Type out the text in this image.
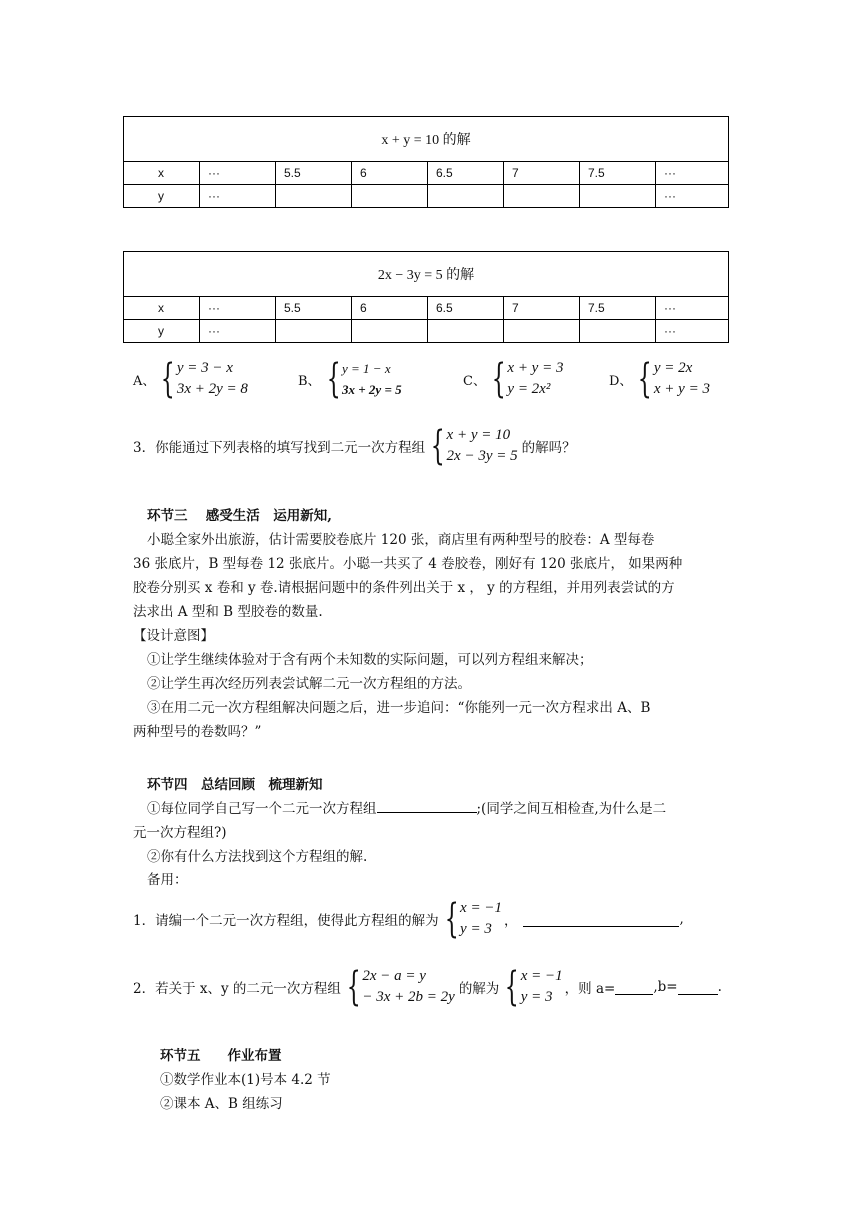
x + y = 10 的解							
x	···	5.5	6	6.5	7	7.5	···
y	···						···
2x − 3y = 5 的解							
x	···	5.5	6	6.5	7	7.5	···
y	···						···
A、 { y = 3 − x
3x + 2y = 8	B、 { y = 1 − x
3x + 2y = 5
C、 { x + y = 3
y = 2x²	D、 { y = 2x
x + y = 3
3．你能通过下列表格的填写找到二元一次方程组 { x + y = 10
2x − 3y = 5 的解吗？
环节三　 感受生活　运用新知,
小聪全家外出旅游，估计需要胶卷底片 120 张，商店里有两种型号的胶卷：A 型每卷
36 张底片，B 型每卷 12 张底片。小聪一共买了 4 卷胶卷，刚好有 120 张底片， 如果两种
胶卷分别买 x 卷和 y 卷.请根据问题中的条件列出关于 x ， y 的方程组，并用列表尝试的方
法求出 A 型和 B 型胶卷的数量.
【设计意图】
①让学生继续体验对于含有两个未知数的实际问题，可以列方程组来解决；
②让学生再次经历列表尝试解二元一次方程组的方法。
③在用二元一次方程组解决问题之后，进一步追问：“你能列一元一次方程求出 A、B
两种型号的卷数吗？”
环节四　总结回顾　梳理新知
①每位同学自己写一个二元一次方程组	;(同学之间互相检查,为什么是二
元一次方程组?)
②你有什么方法找到这个方程组的解.
备用：
1．请编一个二元一次方程组，使得此方程组的解为 { x = −1
y = 3 ，	,
2．若关于 x、y 的二元一次方程组 { 2x − a = y
− 3x + 2b = 2y 的解为 { x = −1
y = 3 ，则 a=	,b=	.
环节五　　作业布置
①数学作业本(1)号本 4.2 节
②课本 A、B 组练习
